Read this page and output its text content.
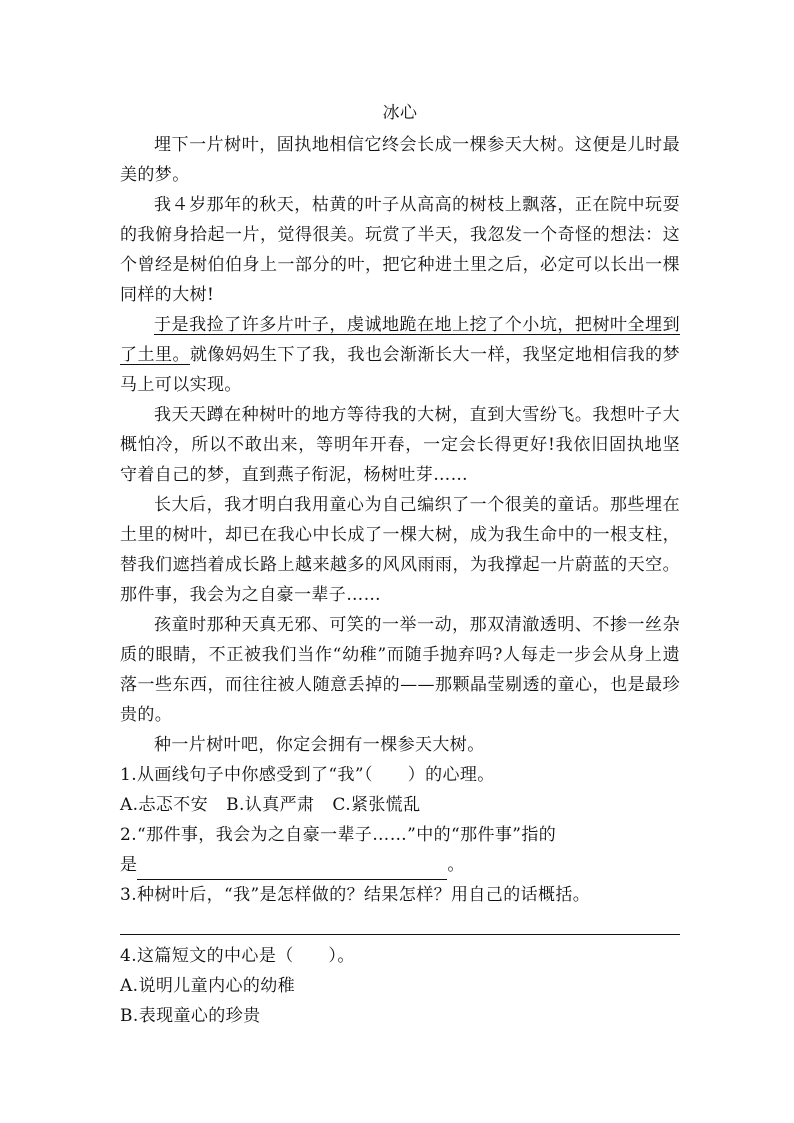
冰心

埋下一片树叶，固执地相信它终会长成一棵参天大树。这便是儿时最美的梦。

我４岁那年的秋天，枯黄的叶子从高高的树枝上飘落，正在院中玩耍的我俯身拾起一片，觉得很美。玩赏了半天，我忽发一个奇怪的想法：这个曾经是树伯伯身上一部分的叶，把它种进土里之后，必定可以长出一棵同样的大树!

于是我捡了许多片叶子，虔诚地跪在地上挖了个小坑，把树叶全埋到了土里。就像妈妈生下了我，我也会渐渐长大一样，我坚定地相信我的梦马上可以实现。

我天天蹲在种树叶的地方等待我的大树，直到大雪纷飞。我想叶子大概怕冷，所以不敢出来，等明年开春，一定会长得更好!我依旧固执地坚守着自己的梦，直到燕子衔泥，杨树吐芽……

长大后，我才明白我用童心为自己编织了一个很美的童话。那些埋在土里的树叶，却已在我心中长成了一棵大树，成为我生命中的一根支柱，替我们遮挡着成长路上越来越多的风风雨雨，为我撑起一片蔚蓝的天空。那件事，我会为之自豪一辈子……

孩童时那种天真无邪、可笑的一举一动，那双清澈透明、不掺一丝杂质的眼睛，不正被我们当作“幼稚”而随手抛弃吗?人每走一步会从身上遗落一些东西，而往往被人随意丢掉的——那颗晶莹剔透的童心，也是最珍贵的。

种一片树叶吧，你定会拥有一棵参天大树。

1.从画线句子中你感受到了“我”（　　）的心理。

A.忐忑不安 B.认真严肃 C.紧张慌乱

2.“那件事，我会为之自豪一辈子……”中的“那件事”指的

是	。

3.种树叶后，“我”是怎样做的？结果怎样？用自己的话概括。

4.这篇短文的中心是（　　）。

A.说明儿童内心的幼稚

B.表现童心的珍贵
